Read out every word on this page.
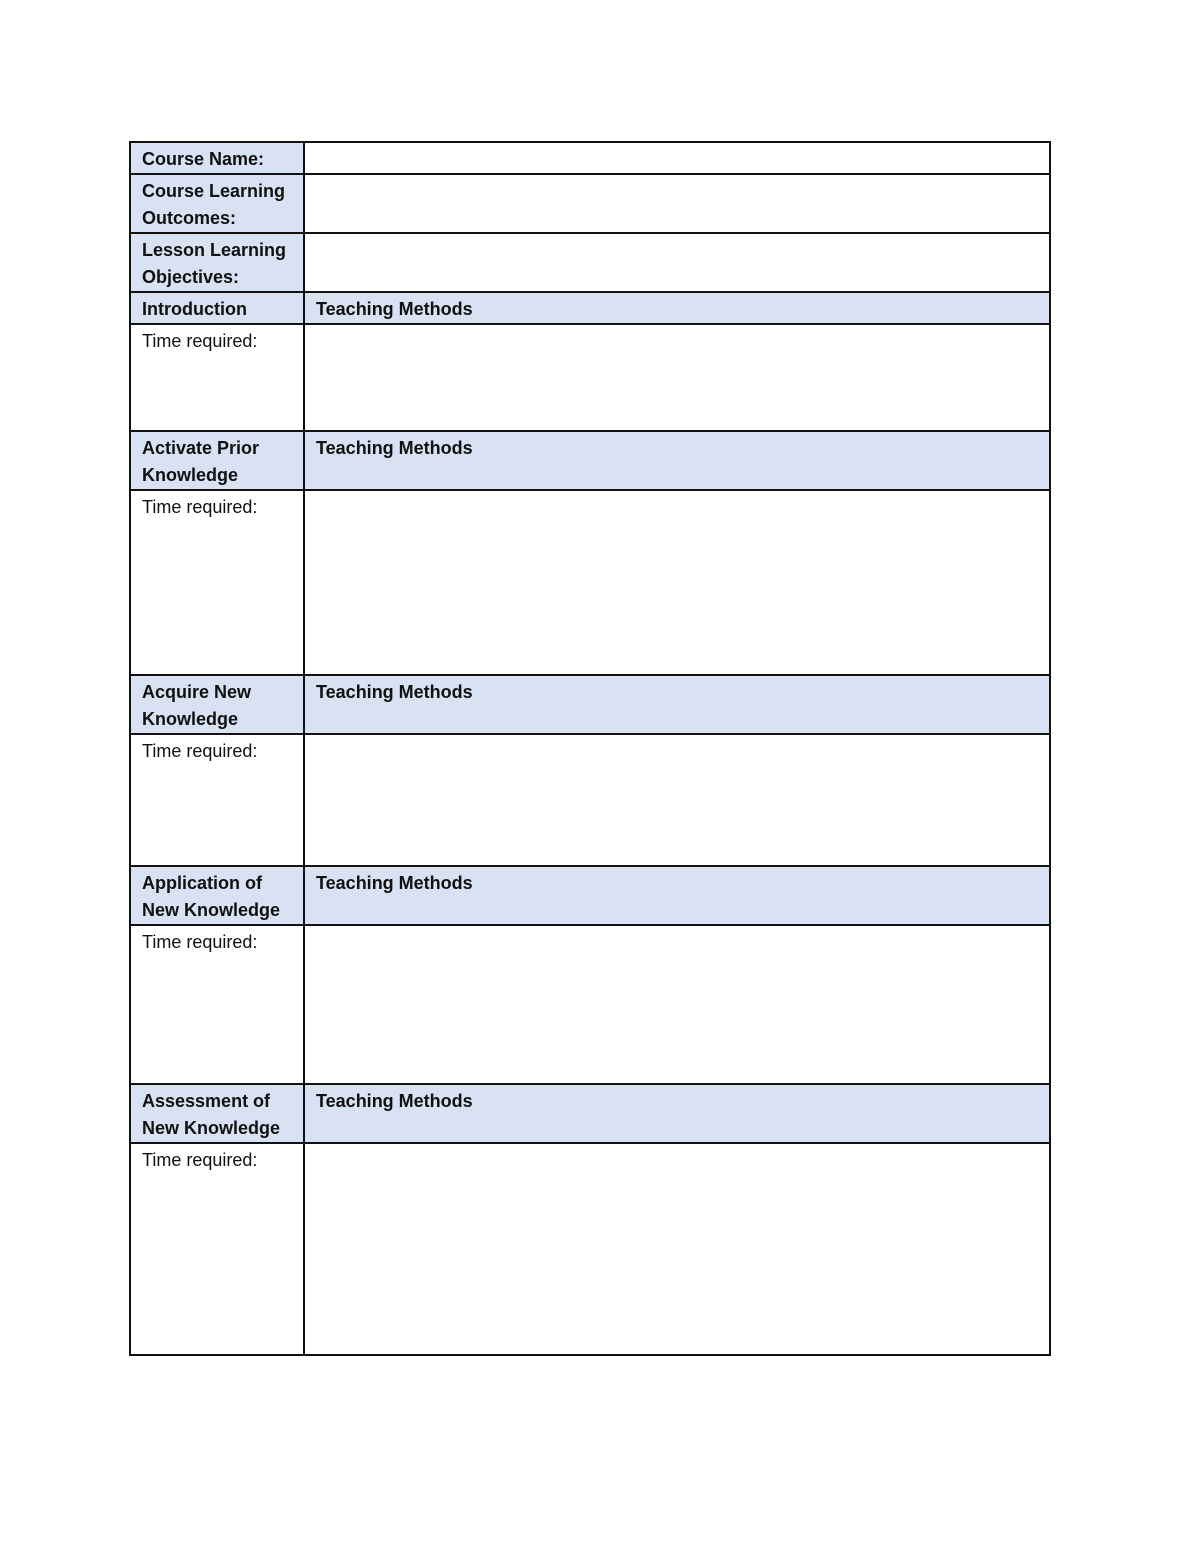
Course Name:	
Course Learning Outcomes:	
Lesson Learning Objectives:	
Introduction	Teaching Methods
Time required:	
Activate Prior Knowledge	Teaching Methods
Time required:	
Acquire New Knowledge	Teaching Methods
Time required:	
Application of New Knowledge	Teaching Methods
Time required:	
Assessment of New Knowledge	Teaching Methods
Time required:	
